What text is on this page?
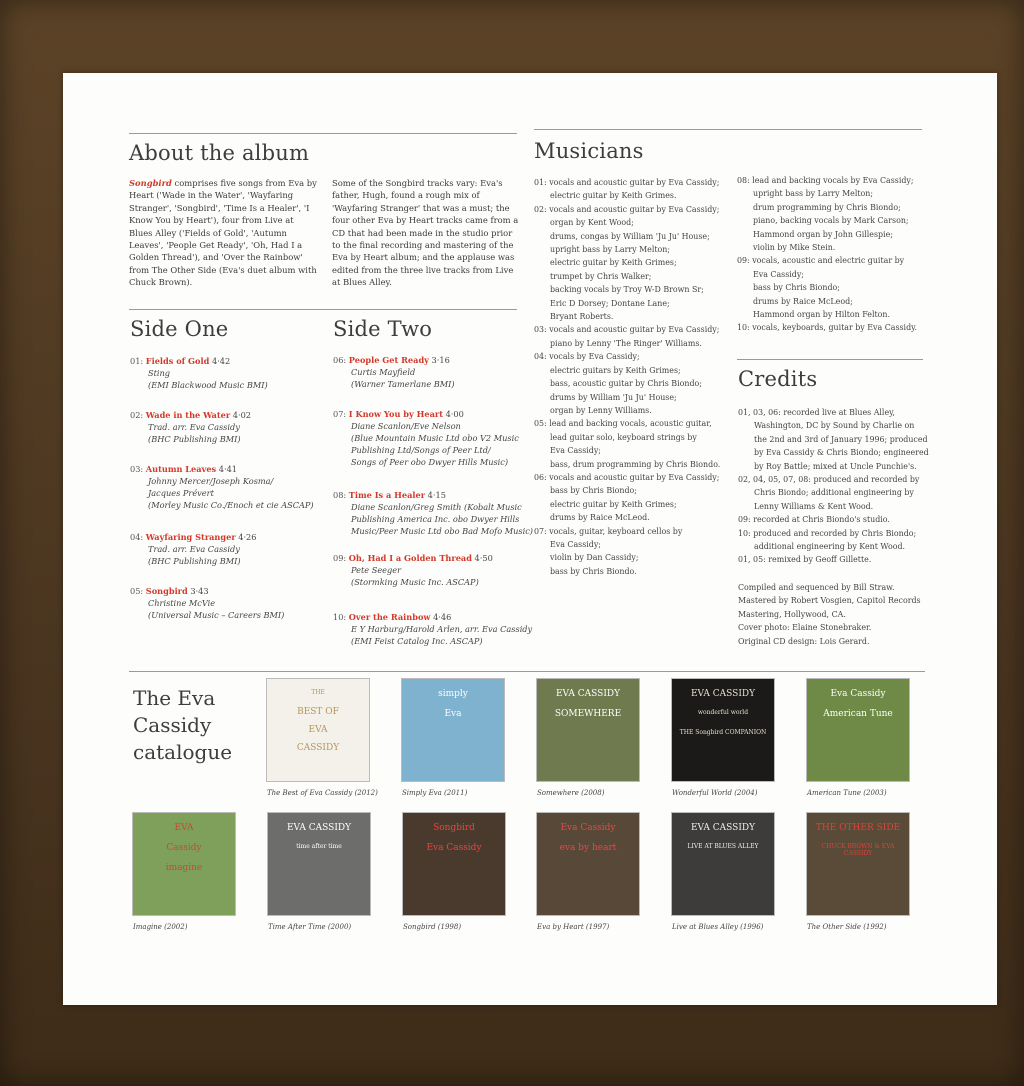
About the album
Songbird comprises five songs from Eva by Heart ('Wade in the Water', 'Wayfaring Stranger', 'Songbird', 'Time Is a Healer', 'I Know You by Heart'), four from Live at Blues Alley ('Fields of Gold', 'Autumn Leaves', 'People Get Ready', 'Oh, Had I a Golden Thread'), and 'Over the Rainbow' from The Other Side (Eva's duet album with Chuck Brown).
Some of the Songbird tracks vary: Eva's father, Hugh, found a rough mix of 'Wayfaring Stranger' that was a must; the four other Eva by Heart tracks came from a CD that had been made in the studio prior to the final recording and mastering of the Eva by Heart album; and the applause was edited from the three live tracks from Live at Blues Alley.
Side One	Side Two
01: Fields of Gold 4·42
Sting
(EMI Blackwood Music BMI)
02: Wade in the Water 4·02
Trad. arr. Eva Cassidy
(BHC Publishing BMI)
03: Autumn Leaves 4·41
Johnny Mercer/Joseph Kosma/
Jacques Prévert
(Morley Music Co./Enoch et cie ASCAP)
04: Wayfaring Stranger 4·26
Trad. arr. Eva Cassidy
(BHC Publishing BMI)
05: Songbird 3·43
Christine McVie
(Universal Music – Careers BMI)
06: People Get Ready 3·16
Curtis Mayfield
(Warner Tamerlane BMI)
07: I Know You by Heart 4·00
Diane Scanlon/Eve Nelson
(Blue Mountain Music Ltd obo V2 Music
Publishing Ltd/Songs of Peer Ltd/
Songs of Peer obo Dwyer Hills Music)
08: Time Is a Healer 4·15
Diane Scanlon/Greg Smith (Kobalt Music
Publishing America Inc. obo Dwyer Hills
Music/Peer Music Ltd obo Bad Mofo Music)
09: Oh, Had I a Golden Thread 4·50
Pete Seeger
(Stormking Music Inc. ASCAP)
10: Over the Rainbow 4·46
E Y Harburg/Harold Arlen, arr. Eva Cassidy
(EMI Feist Catalog Inc. ASCAP)
Musicians
01: vocals and acoustic guitar by Eva Cassidy;
electric guitar by Keith Grimes.
02: vocals and acoustic guitar by Eva Cassidy;
organ by Kent Wood;
drums, congas by William 'Ju Ju' House;
upright bass by Larry Melton;
electric guitar by Keith Grimes;
trumpet by Chris Walker;
backing vocals by Troy W-D Brown Sr;
Eric D Dorsey; Dontane Lane;
Bryant Roberts.
03: vocals and acoustic guitar by Eva Cassidy;
piano by Lenny 'The Ringer' Williams.
04: vocals by Eva Cassidy;
electric guitars by Keith Grimes;
bass, acoustic guitar by Chris Biondo;
drums by William 'Ju Ju' House;
organ by Lenny Williams.
05: lead and backing vocals, acoustic guitar,
lead guitar solo, keyboard strings by
Eva Cassidy;
bass, drum programming by Chris Biondo.
06: vocals and acoustic guitar by Eva Cassidy;
bass by Chris Biondo;
electric guitar by Keith Grimes;
drums by Raice McLeod.
07: vocals, guitar, keyboard cellos by
Eva Cassidy;
violin by Dan Cassidy;
bass by Chris Biondo.
08: lead and backing vocals by Eva Cassidy;
upright bass by Larry Melton;
drum programming by Chris Biondo;
piano, backing vocals by Mark Carson;
Hammond organ by John Gillespie;
violin by Mike Stein.
09: vocals, acoustic and electric guitar by
Eva Cassidy;
bass by Chris Biondo;
drums by Raice McLeod;
Hammond organ by Hilton Felton.
10: vocals, keyboards, guitar by Eva Cassidy.
Credits
01, 03, 06: recorded live at Blues Alley,
Washington, DC by Sound by Charlie on
the 2nd and 3rd of January 1996; produced
by Eva Cassidy & Chris Biondo; engineered
by Roy Battle; mixed at Uncle Punchie's.
02, 04, 05, 07, 08: produced and recorded by
Chris Biondo; additional engineering by
Lenny Williams & Kent Wood.
09: recorded at Chris Biondo's studio.
10: produced and recorded by Chris Biondo;
additional engineering by Kent Wood.
01, 05: remixed by Geoff Gillette.
Compiled and sequenced by Bill Straw.
Mastered by Robert Vosgien, Capitol Records
Mastering, Hollywood, CA.
Cover photo: Elaine Stonebraker.
Original CD design: Lois Gerard.
The Eva
Cassidy
catalogue
THE
BEST OF
EVA
CASSIDY
The Best of Eva Cassidy (2012)
simply
Eva
Simply Eva (2011)
EVA CASSIDY
SOMEWHERE
Somewhere (2008)
EVA CASSIDY
wonderful world
THE Songbird COMPANION
Wonderful World (2004)
Eva Cassidy
American Tune
American Tune (2003)
EVA
Cassidy
imagine
Imagine (2002)
EVA CASSIDY
time after time
Time After Time (2000)
Songbird
Eva Cassidy
Songbird (1998)
Eva Cassidy
eva by heart
Eva by Heart (1997)
EVA CASSIDY
LIVE AT BLUES ALLEY
Live at Blues Alley (1996)
THE OTHER SIDE
CHUCK BROWN & EVA CASSIDY
The Other Side (1992)
